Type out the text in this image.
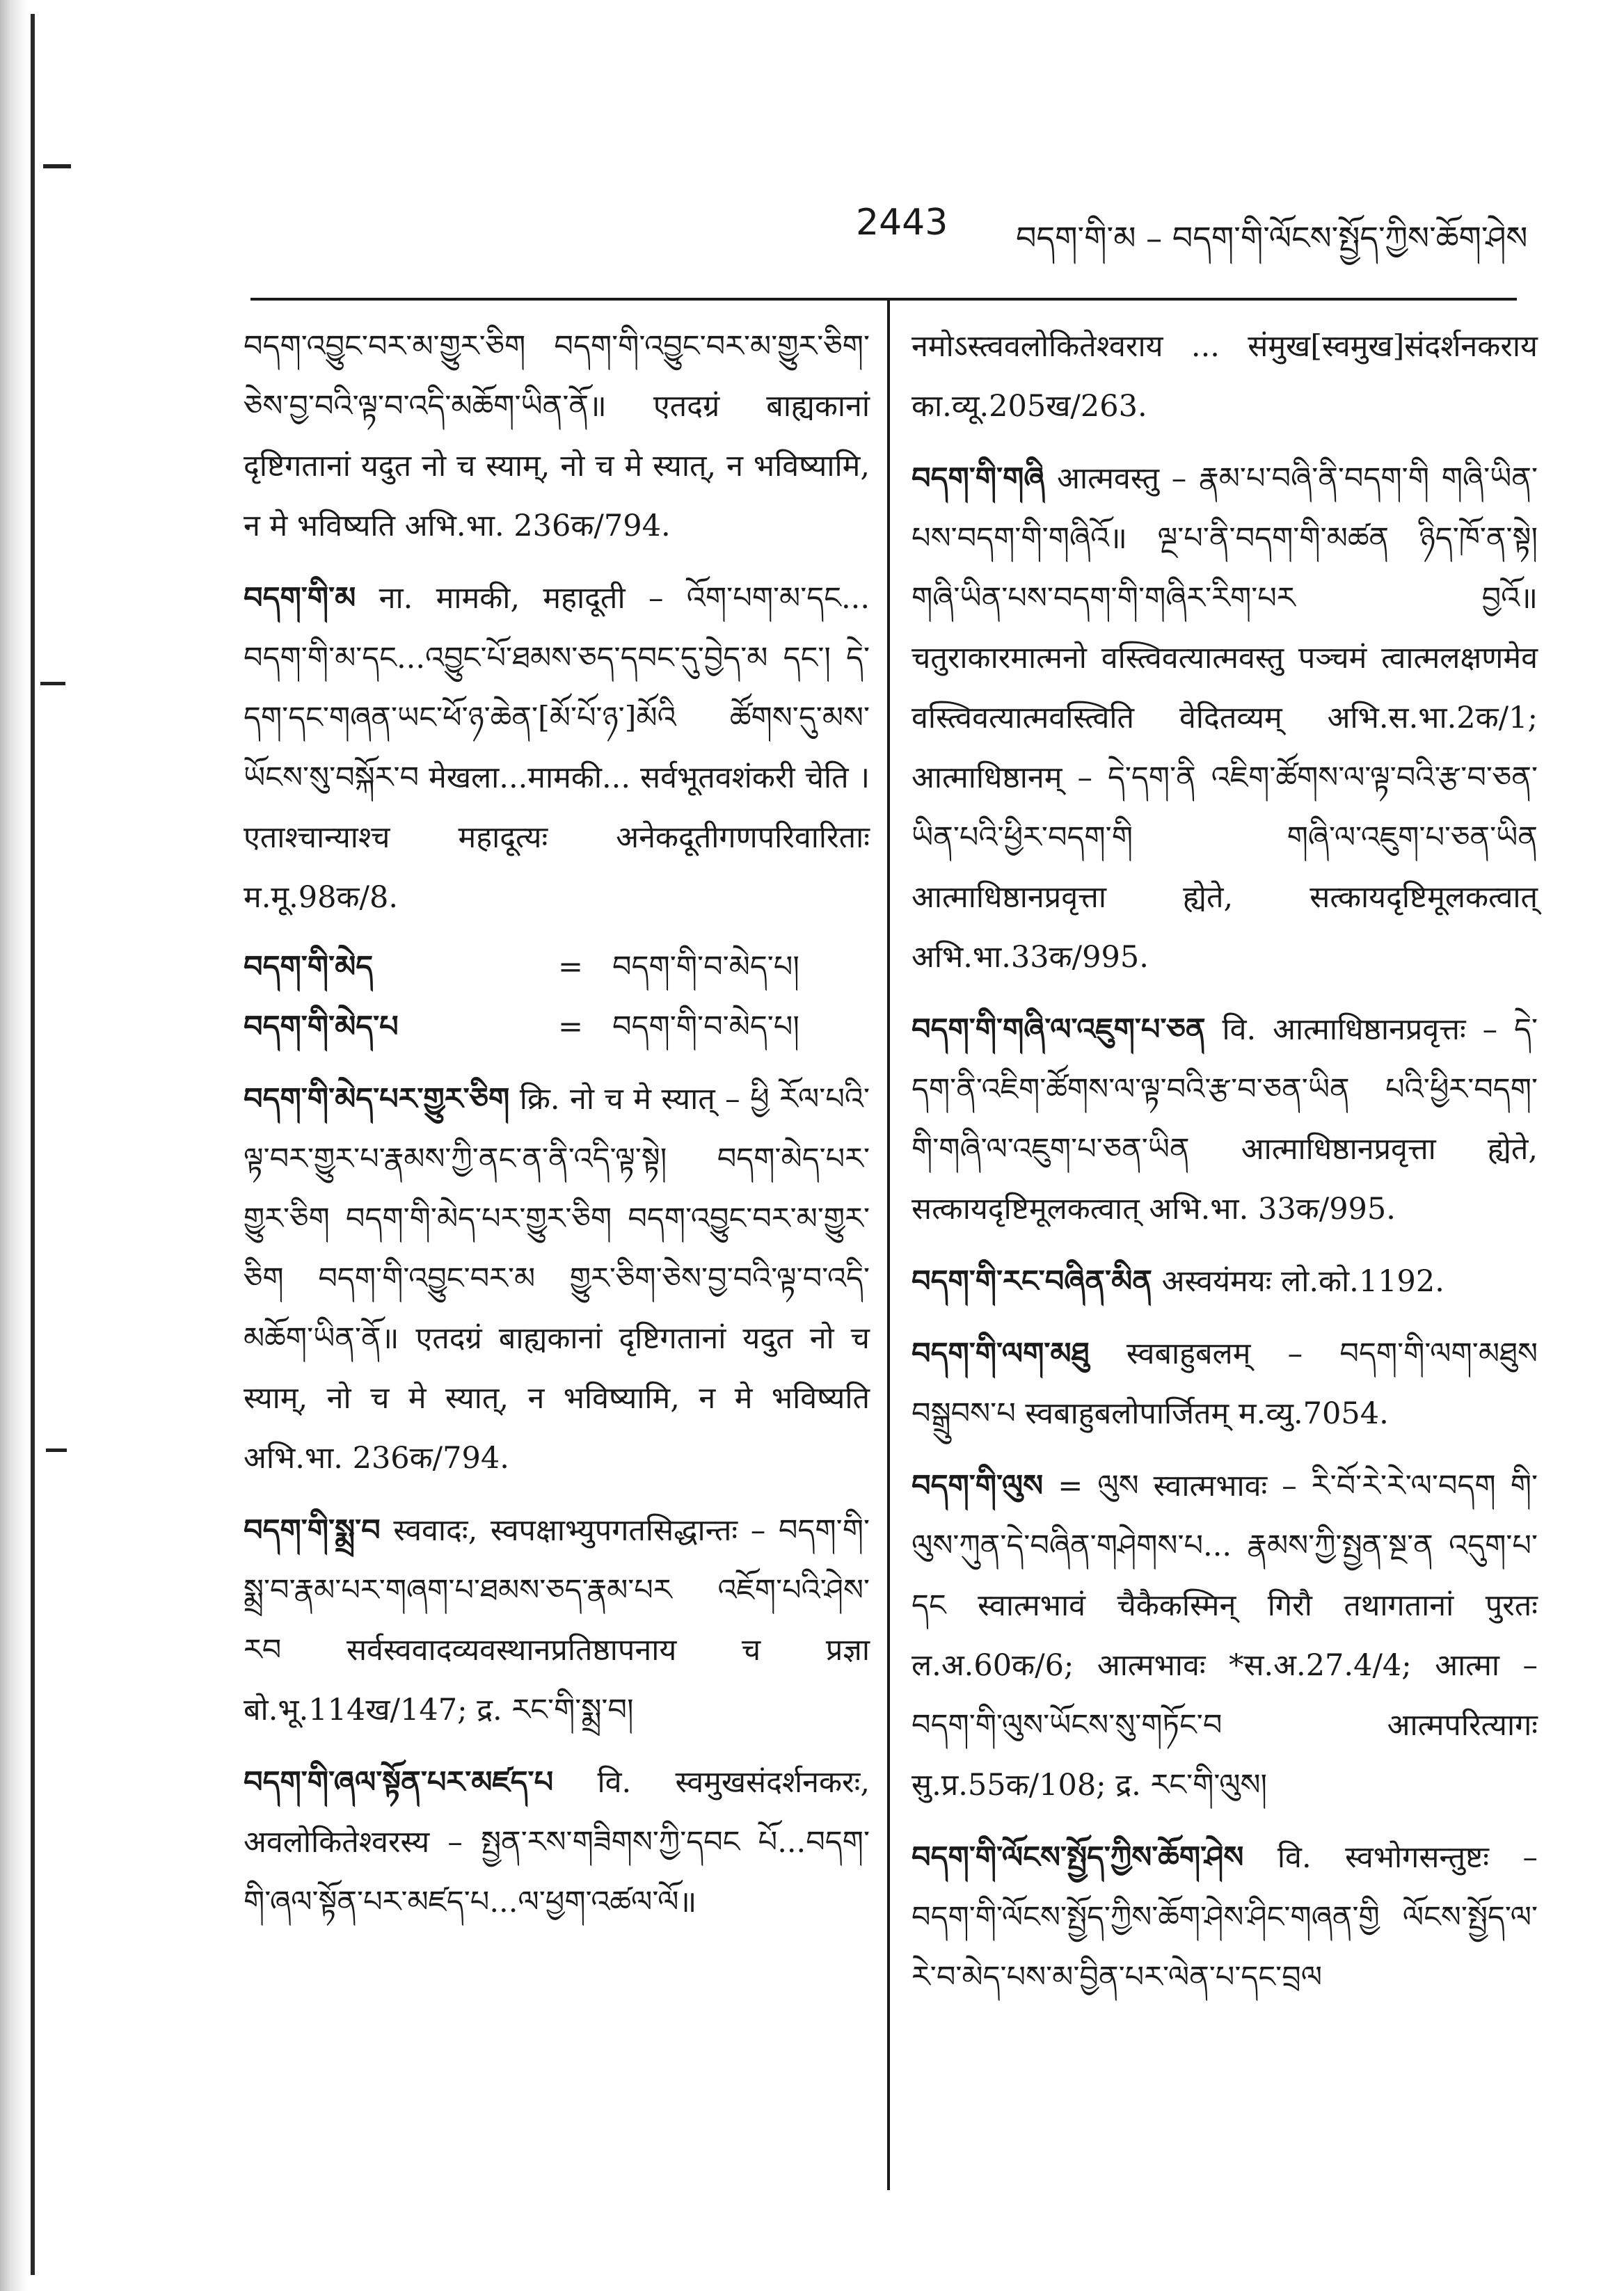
2443 བདག་གི་མ – བདག་གི་ལོངས་སྤྱོད་ཀྱིས་ཆོག་ཤེས
བདག་འབྱུང་བར་མ་གྱུར་ཅིག བདག་གི་འབྱུང་བར་མ་གྱུར་ཅིག་ཅེས་བྱ་བའི་ལྟ་བ་འདི་མཆོག་ཡིན་ནོ॥ एतदग्रं बाह्यकानां दृष्टिगतानां यदुत नो च स्याम्, नो च मे स्यात्, न भविष्यामि, न मे भविष्यति अभि.भा. 236क/794.
བདག་གི་མ ना. मामकी, महादूती – འོག་པག་མ་དང... བདག་གི་མ་དང...འབྱུང་པོ་ཐམས་ཅད་དབང་དུ་བྱེད་མ དང་། དེ་དག་དང་གཞན་ཡང་ཕོ་ཉ་ཆེན་[མོ་པོ་ཉ་]མོའི ཚོགས་དུ་མས་ཡོངས་སུ་བསྐོར་བ मेखला...मामकी... सर्वभूतवशंकरी चेति । एताश्चान्याश्च महादूत्यः अनेकदूतीगणपरिवारिताः म.मू.98क/8.
བདག་གི་མེད	= བདག་གི་བ་མེད་པ།
བདག་གི་མེད་པ	= བདག་གི་བ་མེད་པ།
བདག་གི་མེད་པར་གྱུར་ཅིག क्रि. नो च मे स्यात् – ཕྱི རོལ་པའི་ལྟ་བར་གྱུར་པ་རྣམས་ཀྱི་ནང་ན་ནི་འདི་ལྟ་སྟེ། བདག་མེད་པར་གྱུར་ཅིག བདག་གི་མེད་པར་གྱུར་ཅིག བདག་འབྱུང་བར་མ་གྱུར་ཅིག བདག་གི་འབྱུང་བར་མ གྱུར་ཅིག་ཅེས་བྱ་བའི་ལྟ་བ་འདི་མཆོག་ཡིན་ནོ॥ एतदग्रं बाह्यकानां दृष्टिगतानां यदुत नो च स्याम्, नो च मे स्यात्, न भविष्यामि, न मे भविष्यति अभि.भा. 236क/794.
བདག་གི་སྨྲ་བ स्ववादः, स्वपक्षाभ्युपगतसिद्धान्तः – བདག་གི་སྨྲ་བ་རྣམ་པར་གཞག་པ་ཐམས་ཅད་རྣམ་པར འཇོག་པའི་ཤེས་རབ सर्वस्ववादव्यवस्थानप्रतिष्ठापनाय च प्रज्ञा बो.भू.114ख/147; द्र. རང་གི་སྨྲ་བ།
བདག་གི་ཞལ་སྟོན་པར་མཛད་པ वि. स्वमुखसंदर्शनकरः, अवलोकितेश्वरस्य – སྤྱན་རས་གཟིགས་ཀྱི་དབང པོ...བདག་གི་ཞལ་སྟོན་པར་མཛད་པ...ལ་ཕྱག་འཚལ་ལོ॥
नमोऽस्त्ववलोकितेश्वराय ... संमुख[स्वमुख]संदर्शनकराय का.व्यू.205ख/263.
བདག་གི་གཞི आत्मवस्तु – རྣམ་པ་བཞི་ནི་བདག་གི གཞི་ཡིན་པས་བདག་གི་གཞིའོ॥ ལྔ་པ་ནི་བདག་གི་མཚན ཉིད་ཁོ་ན་སྟེ། གཞི་ཡིན་པས་བདག་གི་གཞིར་རིག་པར བྱའོ॥ चतुराकारमात्मनो वस्त्विवत्यात्मवस्तु पञ्चमं त्वात्मलक्षणमेव वस्त्विवत्यात्मवस्त्विति वेदितव्यम् अभि.स.भा.2क/1; आत्माधिष्ठानम् – དེ་དག་ནི འཇིག་ཚོགས་ལ་ལྟ་བའི་རྩ་བ་ཅན་ཡིན་པའི་ཕྱིར་བདག་གི གཞི་ལ་འཇུག་པ་ཅན་ཡིན आत्माधिष्ठानप्रवृत्ता ह्येते, सत्कायदृष्टिमूलकत्वात् अभि.भा.33क/995.
བདག་གི་གཞི་ལ་འཇུག་པ་ཅན वि. आत्माधिष्ठानप्रवृत्तः – དེ་དག་ནི་འཇིག་ཚོགས་ལ་ལྟ་བའི་རྩ་བ་ཅན་ཡིན པའི་ཕྱིར་བདག་གི་གཞི་ལ་འཇུག་པ་ཅན་ཡིན आत्माधिष्ठानप्रवृत्ता ह्येते, सत्कायदृष्टिमूलकत्वात् अभि.भा. 33क/995.
བདག་གི་རང་བཞིན་མིན अस्वयंमयः लो.को.1192.
བདག་གི་ལག་མཐུ स्वबाहुबलम् – བདག་གི་ལག་མཐུས བསྒྲུབས་པ स्वबाहुबलोपार्जितम् म.व्यु.7054.
བདག་གི་ལུས = ལུས स्वात्मभावः – རི་བོ་རེ་རེ་ལ་བདག གི་ལུས་ཀུན་དེ་བཞིན་གཤེགས་པ... རྣམས་ཀྱི་སྤྱན་སྔ་ན འདུག་པ་དང स्वात्मभावं चैकैकस्मिन् गिरौ तथागतानां पुरतः ल.अ.60क/6; आत्मभावः *स.अ.27.4/4; आत्मा – བདག་གི་ལུས་ཡོངས་སུ་གཏོང་བ आत्मपरित्यागः सु.प्र.55क/108; द्र. རང་གི་ལུས།
བདག་གི་ལོངས་སྤྱོད་ཀྱིས་ཆོག་ཤེས वि. स्वभोगसन्तुष्टः – བདག་གི་ལོངས་སྤྱོད་ཀྱིས་ཆོག་ཤེས་ཤིང་གཞན་གྱི ལོངས་སྤྱོད་ལ་རེ་བ་མེད་པས་མ་བྱིན་པར་ལེན་པ་དང་བྲལ
